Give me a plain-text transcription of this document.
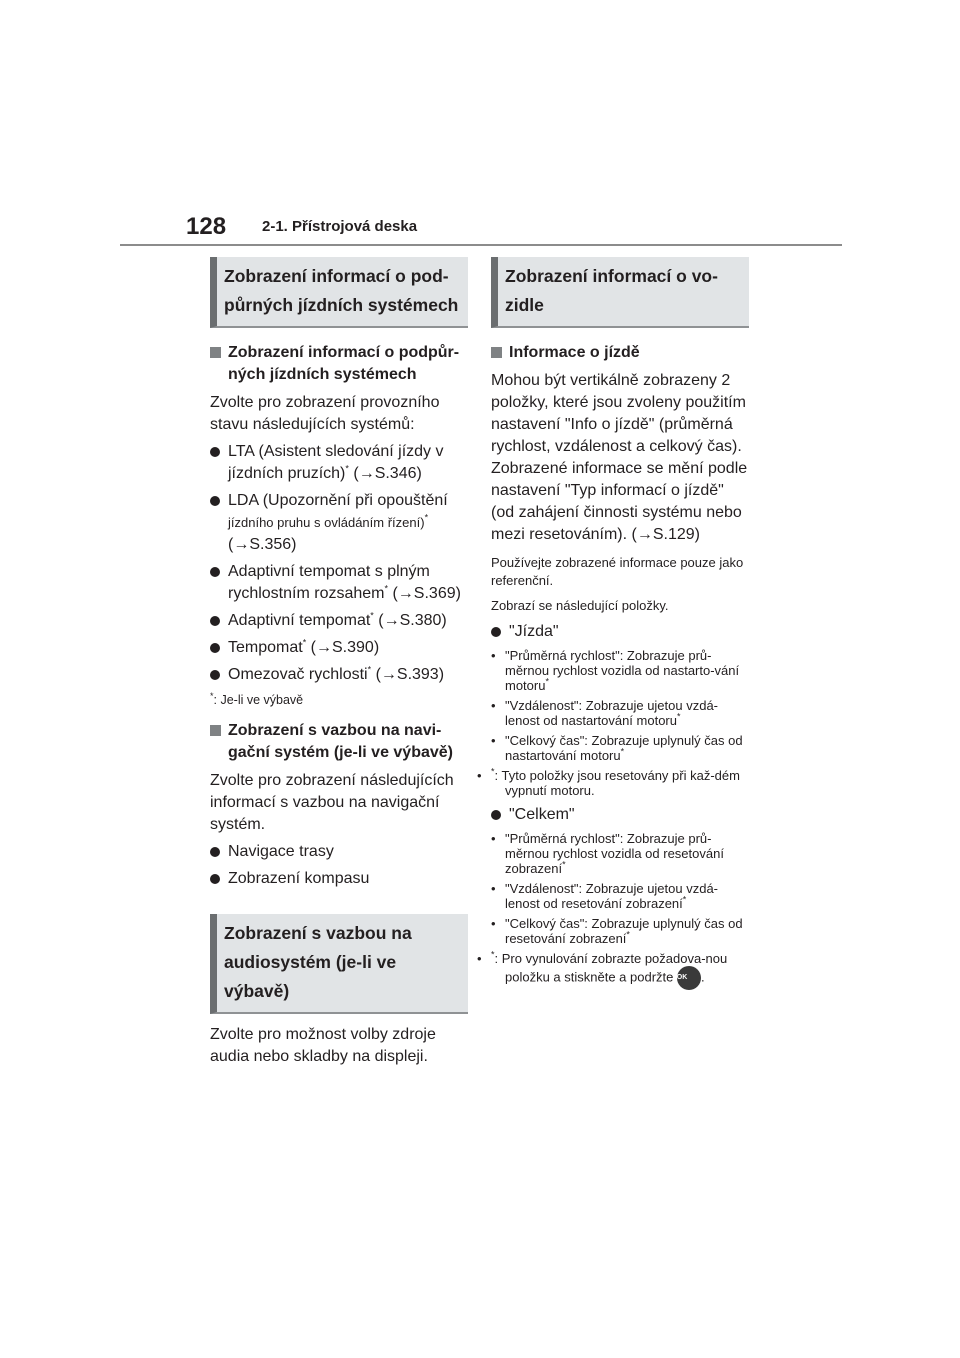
128 2-1. Přístrojová deska
Zobrazení informací o pod-půrných jízdních systémech
Zobrazení informací o podpůr-ných jízdních systémech
Zvolte pro zobrazení provozního stavu následujících systémů:
LTA (Asistent sledování jízdy v jízdních pruzích)* (→S.346)
LDA (Upozornění při opouštění
jízdního pruhu s ovládáním řízení)*
(→S.356)
Adaptivní tempomat s plným rychlostním rozsahem* (→S.369)
Adaptivní tempomat* (→S.380)
Tempomat* (→S.390)
Omezovač rychlosti* (→S.393)
*: Je-li ve výbavě
Zobrazení s vazbou na navi-gační systém (je-li ve výbavě)
Zvolte pro zobrazení následujících informací s vazbou na navigační systém.
Navigace trasy
Zobrazení kompasu
Zobrazení s vazbou na audiosystém (je-li ve výbavě)
Zvolte pro možnost volby zdroje audia nebo skladby na displeji.
Zobrazení informací o vo-zidle
Informace o jízdě
Mohou být vertikálně zobrazeny 2 položky, které jsou zvoleny použitím nastavení "Info o jízdě" (průměrná rychlost, vzdálenost a celkový čas). Zobrazené informace se mění podle nastavení "Typ informací o jízdě" (od zahájení činnosti systému nebo mezi resetováním). (→S.129)
Používejte zobrazené informace pouze jako referenční.
Zobrazí se následující položky.
"Jízda"
• "Průměrná rychlost": Zobrazuje prů-měrnou rychlost vozidla od nastarto-vání motoru*
• "Vzdálenost": Zobrazuje ujetou vzdá-lenost od nastartování motoru*
• "Celkový čas": Zobrazuje uplynulý čas od nastartování motoru*
• *: Tyto položky jsou resetovány při kaž-dém vypnutí motoru.
"Celkem"
• "Průměrná rychlost": Zobrazuje prů-měrnou rychlost vozidla od resetování zobrazení*
• "Vzdálenost": Zobrazuje ujetou vzdá-lenost od resetování zobrazení*
• "Celkový čas": Zobrazuje uplynulý čas od resetování zobrazení*
• *: Pro vynulování zobrazte požadova-nou položku a stiskněte a podržte OK .
